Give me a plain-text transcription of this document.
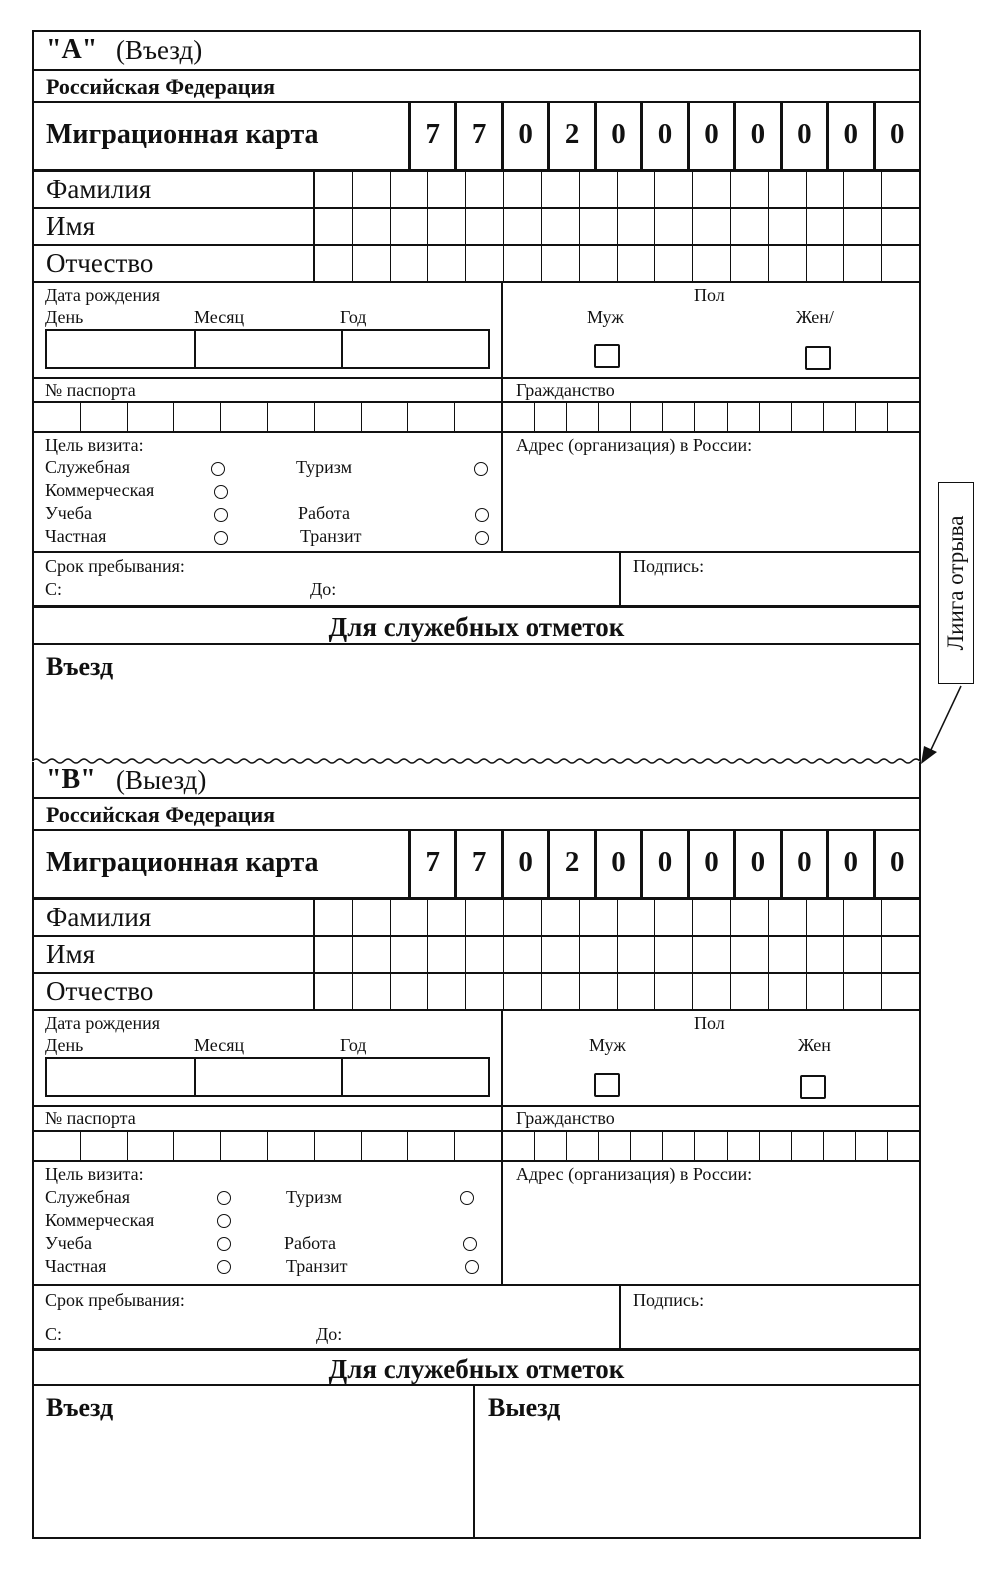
"A" (Въезд)
Российская Федерация
Миграционная карта	7	7	0	2	0	0	0	0	0	0	0
Фамилия
Имя
Отчество
Дата рождения
День	Месяц	Год
Пол
Муж	Жен/
№ паспорта	Гражданство
Цель визита:
Служебная
Коммерческая
Учеба
Частная
Туризм
Работа
Транзит
Адрес (организация) в России:
Срок пребывания:
С:	До:
Подпись:
Для служебных отметок
Въезд
"B" (Выезд)
Российская Федерация
Миграционная карта	7	7	0	2	0	0	0	0	0	0	0
Фамилия
Имя
Отчество
Дата рождения
День	Месяц	Год
Пол
Муж	Жен
№ паспорта	Гражданство
Цель визита:
Служебная
Коммерческая
Учеба
Частная
Туризм
Работа
Транзит
Адрес (организация) в России:
Срок пребывания:
С:	До:
Подпись:
Для служебных отметок
Въезд	Выезд
Лиига отрыва
